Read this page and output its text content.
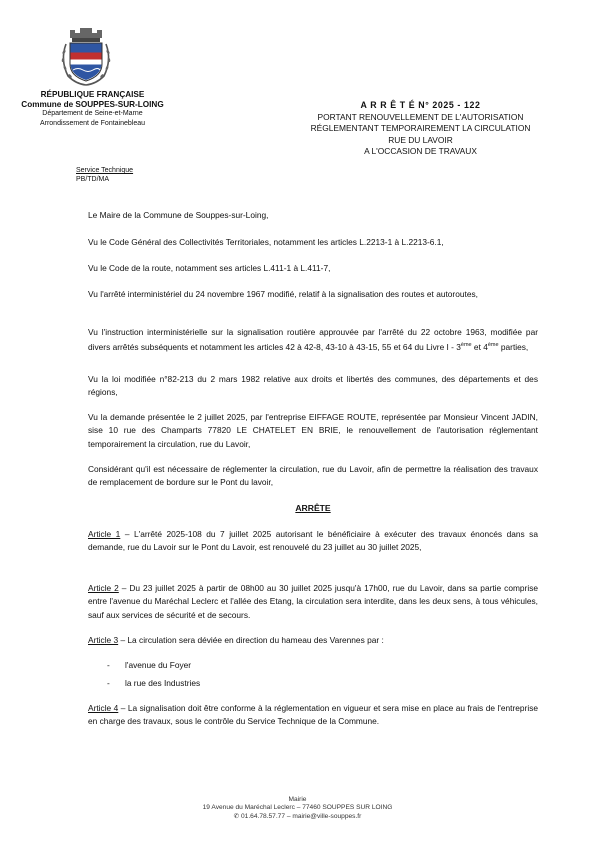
RÉPUBLIQUE FRANÇAISE
Commune de SOUPPES-SUR-LOING
Département de Seine-et-Marne
Arrondissement de Fontainebleau
A R R Ê T É N° 2025 - 122
PORTANT RENOUVELLEMENT DE L'AUTORISATION
RÉGLEMENTANT TEMPORAIREMENT LA CIRCULATION
RUE DU LAVOIR
A L'OCCASION DE TRAVAUX
Service Technique
PB/TD/MA
Le Maire de la Commune de Souppes-sur-Loing,
Vu le Code Général des Collectivités Territoriales, notamment les articles L.2213-1 à L.2213-6.1,
Vu le Code de la route, notamment ses articles L.411-1 à L.411-7,
Vu l'arrêté interministériel du 24 novembre 1967 modifié, relatif à la signalisation des routes et autoroutes,
Vu l'instruction interministérielle sur la signalisation routière approuvée par l'arrêté du 22 octobre 1963, modifiée par divers arrêtés subséquents et notamment les articles 42 à 42-8, 43-10 à 43-15, 55 et 64 du Livre I - 3ème et 4ème parties,
Vu la loi modifiée n°82-213 du 2 mars 1982 relative aux droits et libertés des communes, des départements et des régions,
Vu la demande présentée le 2 juillet 2025, par l'entreprise EIFFAGE ROUTE, représentée par Monsieur Vincent JADIN, sise 10 rue des Champarts 77820 LE CHATELET EN BRIE, le renouvellement de l'autorisation réglementant temporairement la circulation, rue du Lavoir,
Considérant qu'il est nécessaire de réglementer la circulation, rue du Lavoir, afin de permettre la réalisation des travaux de remplacement de bordure sur le Pont du lavoir,
ARRÊTE
Article 1 – L'arrêté 2025-108 du 7 juillet 2025 autorisant le bénéficiaire à exécuter des travaux énoncés dans sa demande, rue du Lavoir sur le Pont du Lavoir, est renouvelé du 23 juillet au 30 juillet 2025,
Article 2 – Du 23 juillet 2025 à partir de 08h00 au 30 juillet 2025 jusqu'à 17h00, rue du Lavoir, dans sa partie comprise entre l'avenue du Maréchal Leclerc et l'allée des Etang, la circulation sera interdite, dans les deux sens, à tous véhicules, sauf aux services de sécurité et de secours.
Article 3 – La circulation sera déviée en direction du hameau des Varennes par :
- l'avenue du Foyer
- la rue des Industries
Article 4 – La signalisation doit être conforme à la réglementation en vigueur et sera mise en place au frais de l'entreprise en charge des travaux, sous le contrôle du Service Technique de la Commune.
Mairie
19 Avenue du Maréchal Leclerc – 77460 SOUPPES SUR LOING
✆ 01.64.78.57.77 – mairie@ville-souppes.fr
